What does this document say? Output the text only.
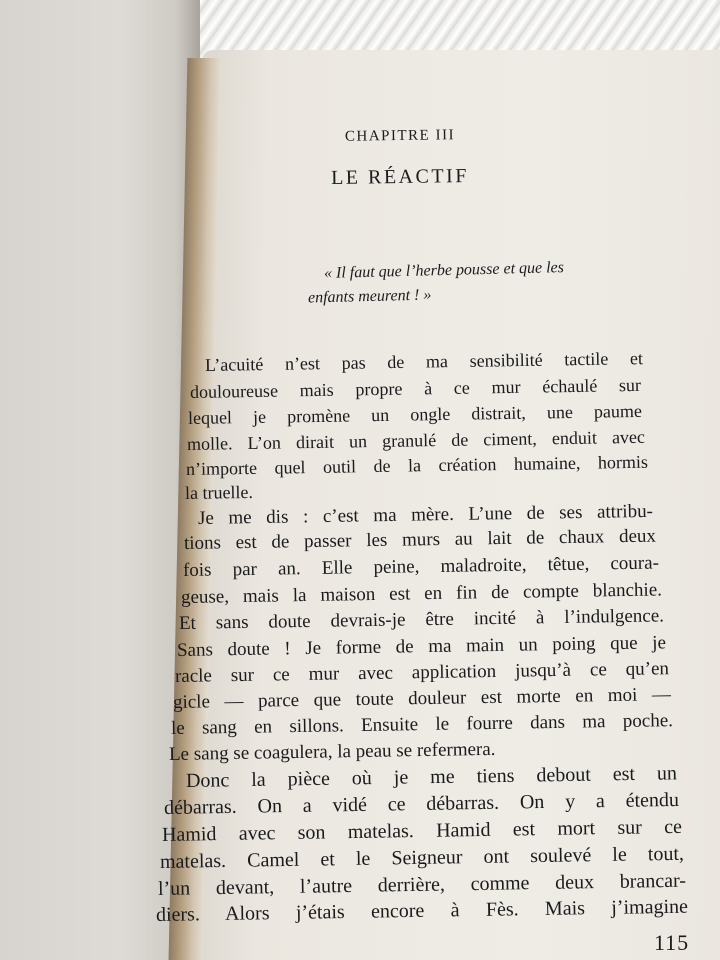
CHAPITRE III
LE RÉACTIF
« Il faut que l’herbe pousse et que les
enfants meurent ! »
L’acuité n’est pas de ma sensibilité tactile et
douloureuse mais propre à ce mur échaulé sur
lequel je promène un ongle distrait, une paume
molle. L’on dirait un granulé de ciment, enduit avec
n’importe quel outil de la création humaine, hormis
la truelle.
Je me dis : c’est ma mère. L’une de ses attribu-
tions est de passer les murs au lait de chaux deux
fois par an. Elle peine, maladroite, têtue, coura-
geuse, mais la maison est en fin de compte blanchie.
Et sans doute devrais-je être incité à l’indulgence.
Sans doute ! Je forme de ma main un poing que je
racle sur ce mur avec application jusqu’à ce qu’en
gicle — parce que toute douleur est morte en moi —
le sang en sillons. Ensuite le fourre dans ma poche.
Le sang se coagulera, la peau se refermera.
Donc la pièce où je me tiens debout est un
débarras. On a vidé ce débarras. On y a étendu
Hamid avec son matelas. Hamid est mort sur ce
matelas. Camel et le Seigneur ont soulevé le tout,
l’un devant, l’autre derrière, comme deux brancar-
diers. Alors j’étais encore à Fès. Mais j’imagine
115
